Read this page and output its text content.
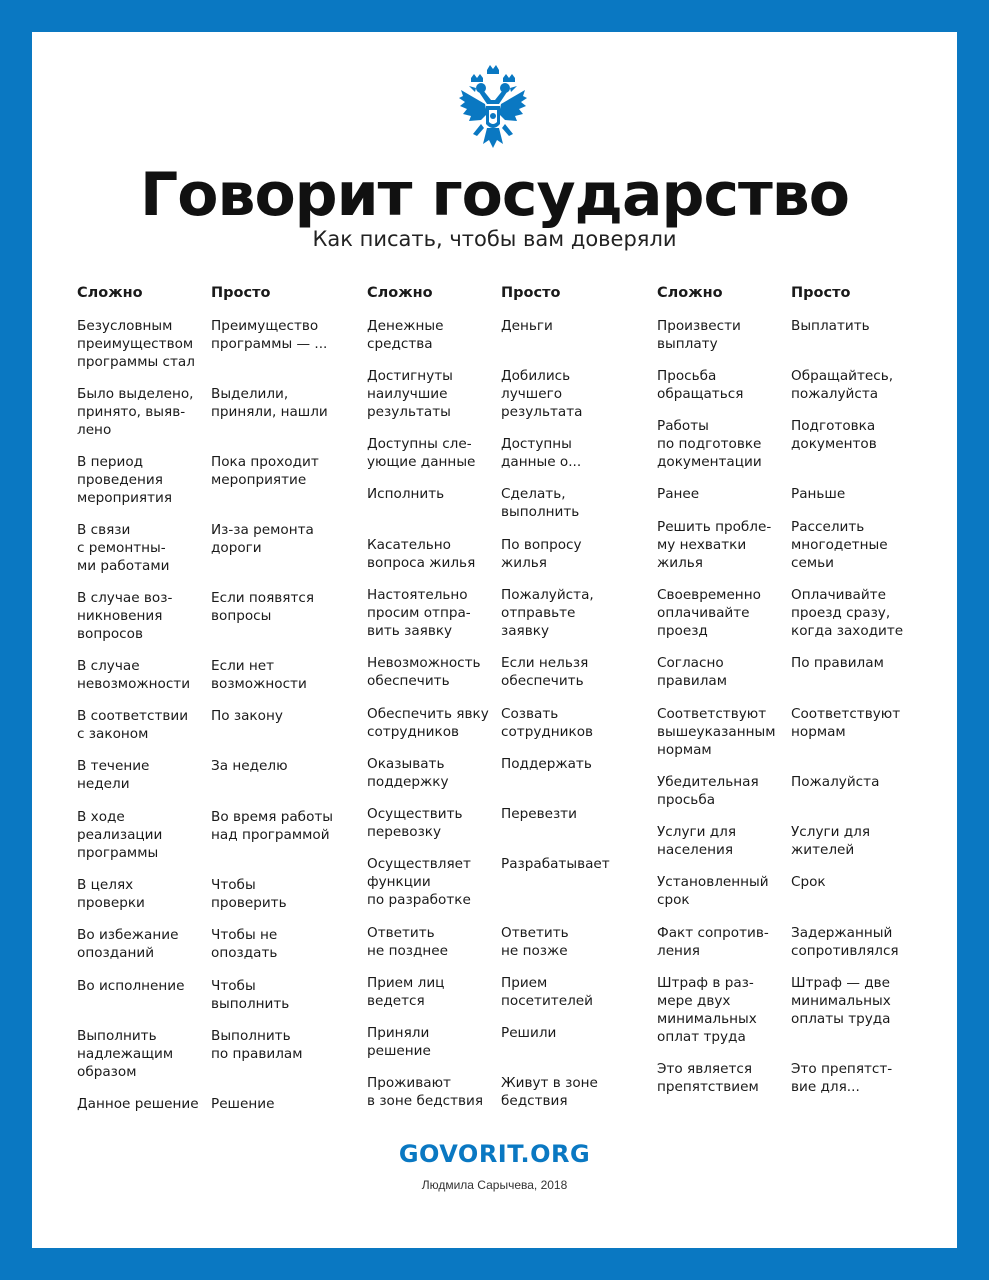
Говорит государство

Как писать, чтобы вам доверяли

Сложно
Безусловным
преимуществом
программы стал
Было выделено,
принято, выяв-
лено
В период
проведения
мероприятия
В связи
с ремонтны-
ми работами
В случае воз-
никновения
вопросов
В случае
невозможности
В соответствии
с законом
В течение
недели
В ходе
реализации
программы
В целях
проверки
Во избежание
опозданий
Во исполнение
Выполнить
надлежащим
образом
Данное решение
Просто
Преимущество
программы — ...
Выделили,
приняли, нашли
Пока проходит
мероприятие
Из-за ремонта
дороги
Если появятся
вопросы
Если нет
возможности
По закону
За неделю
Во время работы
над программой
Чтобы
проверить
Чтобы не
опоздать
Чтобы
выполнить
Выполнить
по правилам
Решение
Сложно
Денежные
средства
Достигнуты
наилучшие
результаты
Доступны сле-
ующие данные
Исполнить
Касательно
вопроса жилья
Настоятельно
просим отпра-
вить заявку
Невозможность
обеспечить
Обеспечить явку
сотрудников
Оказывать
поддержку
Осуществить
перевозку
Осуществляет
функции
по разработке
Ответить
не позднее
Прием лиц
ведется
Приняли
решение
Проживают
в зоне бедствия
Просто
Деньги
Добились
лучшего
результата
Доступны
данные о...
Сделать,
выполнить
По вопросу
жилья
Пожалуйста,
отправьте
заявку
Если нельзя
обеспечить
Созвать
сотрудников
Поддержать
Перевезти
Разрабатывает
Ответить
не позже
Прием
посетителей
Решили
Живут в зоне
бедствия
Сложно
Произвести
выплату
Просьба
обращаться
Работы
по подготовке
документации
Ранее
Решить пробле-
му нехватки
жилья
Своевременно
оплачивайте
проезд
Согласно
правилам
Соответствуют
вышеуказанным
нормам
Убедительная
просьба
Услуги для
населения
Установленный
срок
Факт сопротив-
ления
Штраф в раз-
мере двух
минимальных
оплат труда
Это является
препятствием
Просто
Выплатить
Обращайтесь,
пожалуйста
Подготовка
документов
Раньше
Расселить
многодетные
семьи
Оплачивайте
проезд сразу,
когда заходите
По правилам
Соответствуют
нормам
Пожалуйста
Услуги для
жителей
Срок
Задержанный
сопротивлялся
Штраф — две
минимальных
оплаты труда
Это препятст-
вие для...
GOVORIT.ORG
Людмила Сарычева, 2018
